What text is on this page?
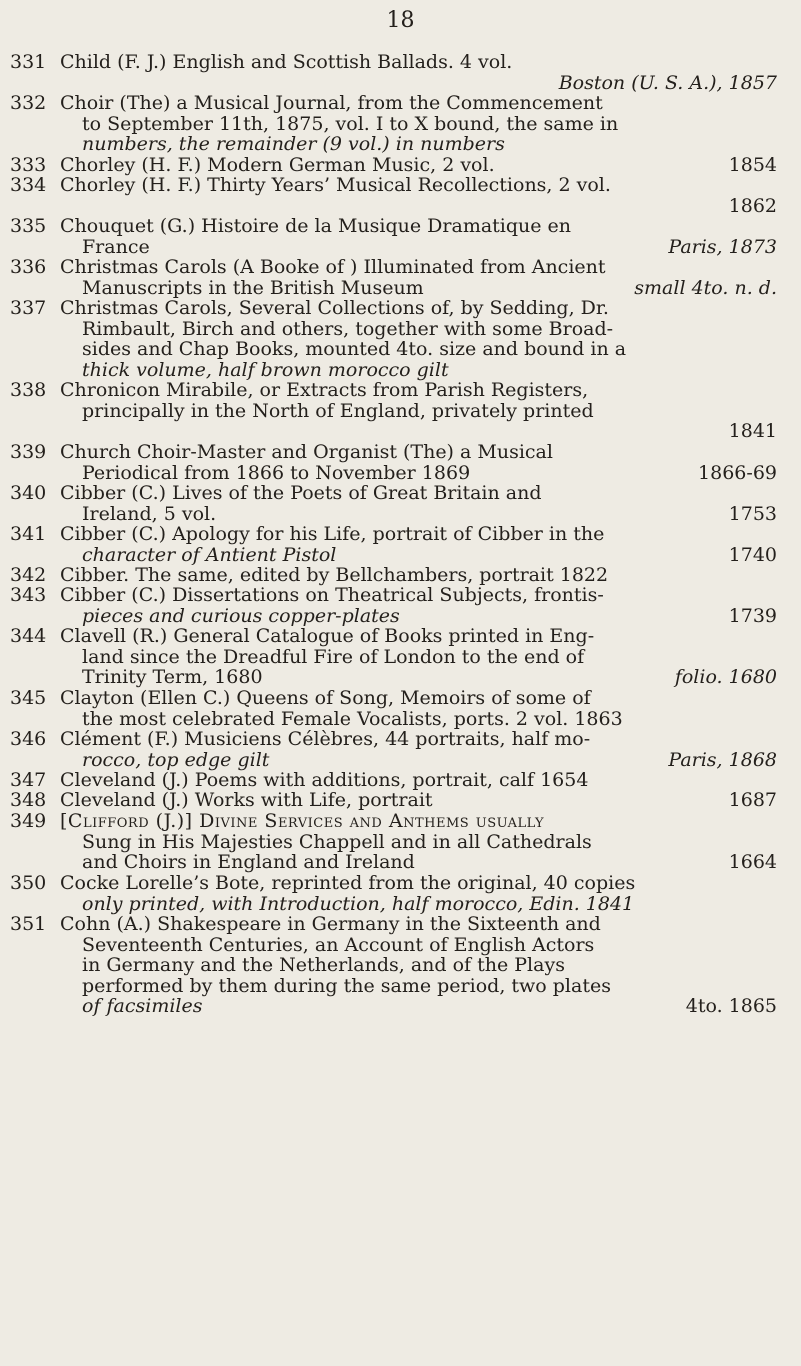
18
331 Child (F. J.) English and Scottish Ballads. 4 vol.
Boston (U. S. A.), 1857
332 Choir (The) a Musical Journal, from the Commencement
to September 11th, 1875, vol. I to X bound, the same in
numbers, the remainder (9 vol.) in numbers
333	1854
Chorley (H. F.) Modern German Music, 2 vol.
334 Chorley (H. F.) Thirty Years’ Musical Recollections, 2 vol.
1862
335 Chouquet (G.) Histoire de la Musique Dramatique en
Paris, 1873
France
336 Christmas Carols (A Booke of ) Illuminated from Ancient
small 4to. n. d.
Manuscripts in the British Museum
337 Christmas Carols, Several Collections of, by Sedding, Dr.
Rimbault, Birch and others, together with some Broad-
sides and Chap Books, mounted 4to. size and bound in a
thick volume, half brown morocco gilt
338 Chronicon Mirabile, or Extracts from Parish Registers,
principally in the North of England, privately printed
1841
339 Church Choir-Master and Organist (The) a Musical
1866-69
Periodical from 1866 to November 1869
340 Cibber (C.) Lives of the Poets of Great Britain and
1753
Ireland, 5 vol.
341 Cibber (C.) Apology for his Life, portrait of Cibber in the
1740
character of Antient Pistol
342 Cibber. The same, edited by Bellchambers, portrait 1822
343 Cibber (C.) Dissertations on Theatrical Subjects, frontis-
1739
pieces and curious copper-plates
344 Clavell (R.) General Catalogue of Books printed in Eng-
land since the Dreadful Fire of London to the end of
folio. 1680
Trinity Term, 1680
345 Clayton (Ellen C.) Queens of Song, Memoirs of some of
the most celebrated Female Vocalists, ports. 2 vol. 1863
346 Clément (F.) Musiciens Célèbres, 44 portraits, half mo-
Paris, 1868
rocco, top edge gilt
347 Cleveland (J.) Poems with additions, portrait, calf 1654
348	1687
Cleveland (J.) Works with Life, portrait
349 [Clifford (J.)] Divine Services and Anthems usually
Sung in His Majesties Chappell and in all Cathedrals
1664
and Choirs in England and Ireland
350 Cocke Lorelle’s Bote, reprinted from the original, 40 copies
only printed, with Introduction, half morocco, Edin. 1841
351 Cohn (A.) Shakespeare in Germany in the Sixteenth and
Seventeenth Centuries, an Account of English Actors
in Germany and the Netherlands, and of the Plays
performed by them during the same period, two plates
4to. 1865
of facsimiles
